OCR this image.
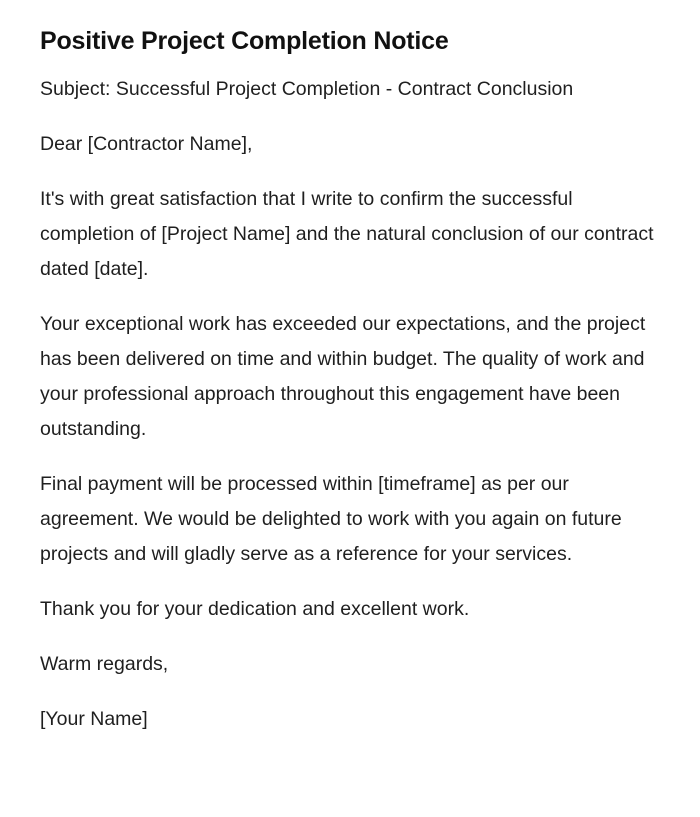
Positive Project Completion Notice

Subject: Successful Project Completion - Contract Conclusion

Dear [Contractor Name],

It's with great satisfaction that I write to confirm the successful completion of [Project Name] and the natural conclusion of our contract dated [date].

Your exceptional work has exceeded our expectations, and the project has been delivered on time and within budget. The quality of work and your professional approach throughout this engagement have been outstanding.

Final payment will be processed within [timeframe] as per our agreement. We would be delighted to work with you again on future projects and will gladly serve as a reference for your services.

Thank you for your dedication and excellent work.

Warm regards,

[Your Name]
